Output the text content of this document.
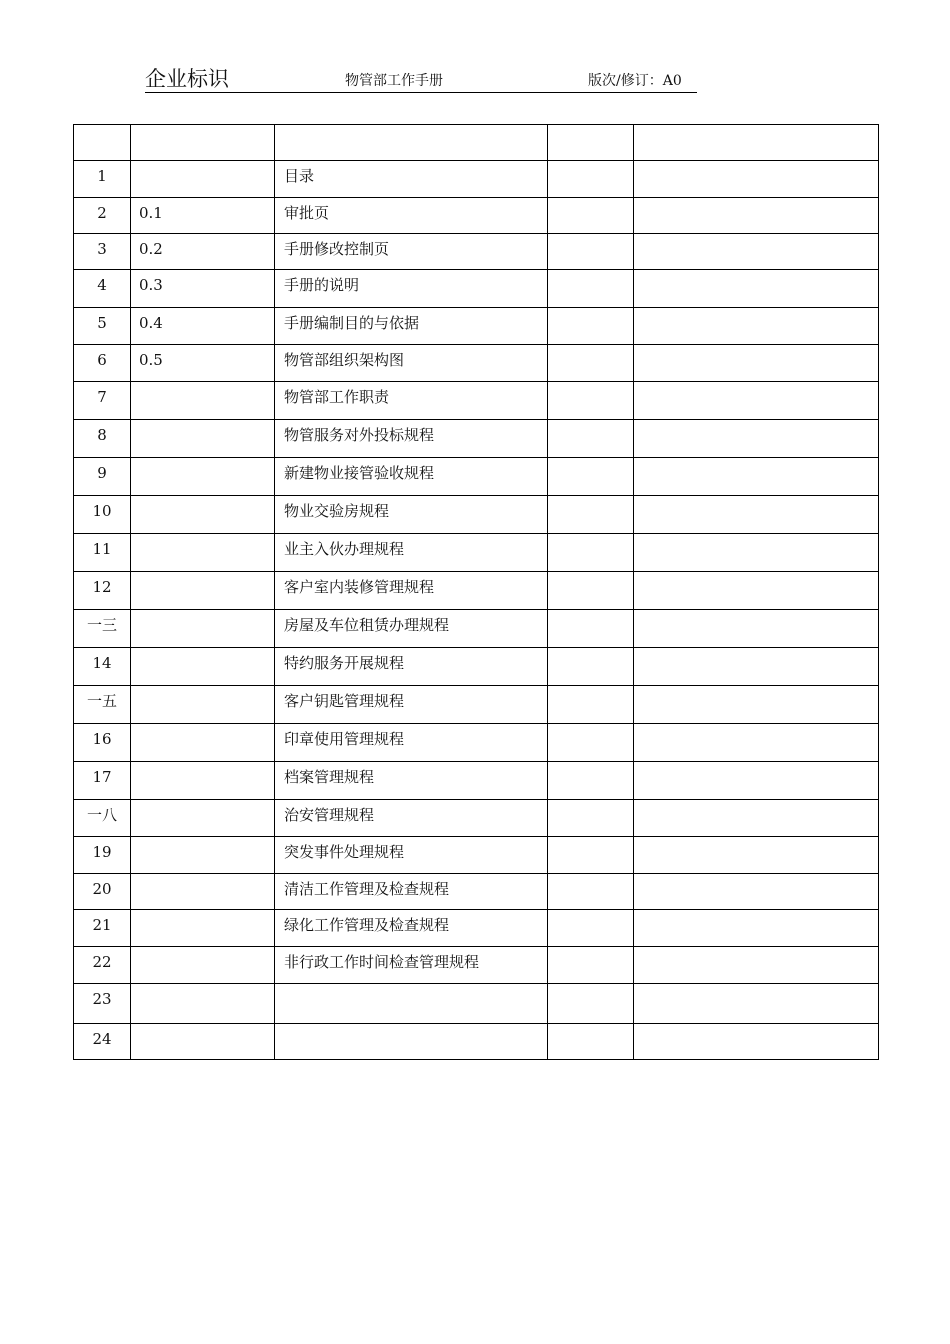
企业标识	物管部工作手册	版次/修订：A0

1		目录		

2	0.1	审批页		

3	0.2	手册修改控制页		

4	0.3	手册的说明		

5	0.4	手册编制目的与依据		

6	0.5	物管部组织架构图		

7		物管部工作职责		

8		物管服务对外投标规程		

9		新建物业接管验收规程		

10		物业交验房规程		

11		业主入伙办理规程		

12		客户室内装修管理规程		

一三		房屋及车位租赁办理规程		

14		特约服务开展规程		

一五		客户钥匙管理规程		

16		印章使用管理规程		

17		档案管理规程		

一八		治安管理规程		

19		突发事件处理规程		

20		清洁工作管理及检查规程		

21		绿化工作管理及检查规程		

22		非行政工作时间检查管理规程		

23				

24				
